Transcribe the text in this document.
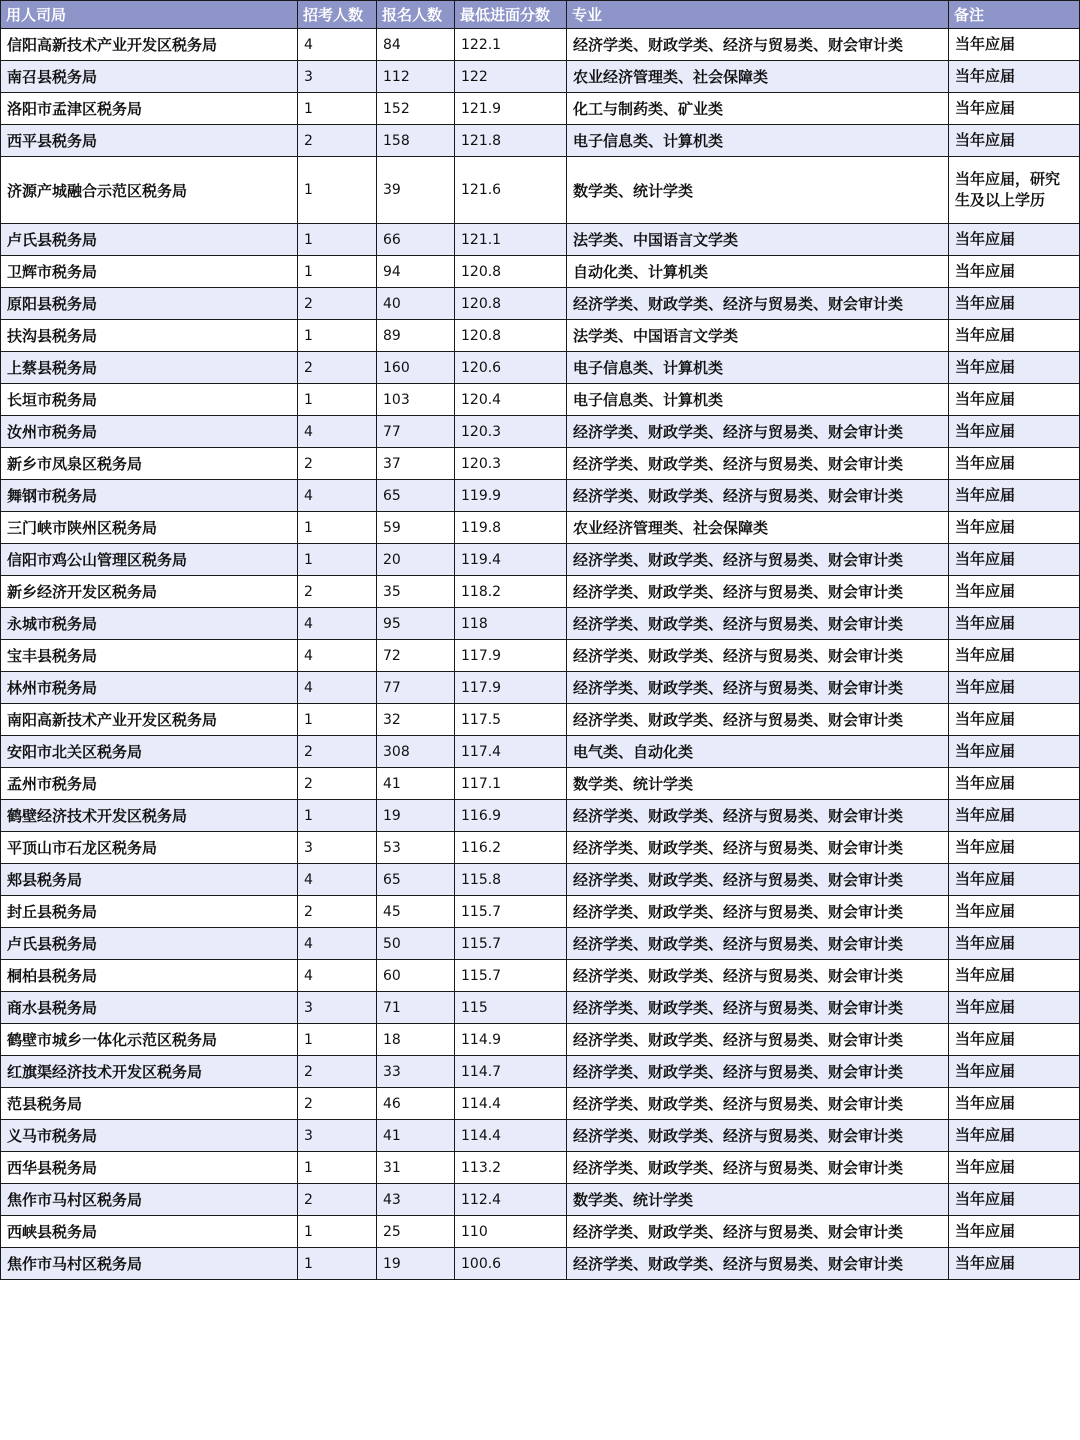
用人司局	招考人数	报名人数	最低进面分数	专业	备注
信阳高新技术产业开发区税务局	4	84	122.1	经济学类、财政学类、经济与贸易类、财会审计类	当年应届
南召县税务局	3	112	122	农业经济管理类、社会保障类	当年应届
洛阳市孟津区税务局	1	152	121.9	化工与制药类、矿业类	当年应届
西平县税务局	2	158	121.8	电子信息类、计算机类	当年应届
济源产城融合示范区税务局	1	39	121.6	数学类、统计学类	当年应届，研究生及以上学历
卢氏县税务局	1	66	121.1	法学类、中国语言文学类	当年应届
卫辉市税务局	1	94	120.8	自动化类、计算机类	当年应届
原阳县税务局	2	40	120.8	经济学类、财政学类、经济与贸易类、财会审计类	当年应届
扶沟县税务局	1	89	120.8	法学类、中国语言文学类	当年应届
上蔡县税务局	2	160	120.6	电子信息类、计算机类	当年应届
长垣市税务局	1	103	120.4	电子信息类、计算机类	当年应届
汝州市税务局	4	77	120.3	经济学类、财政学类、经济与贸易类、财会审计类	当年应届
新乡市凤泉区税务局	2	37	120.3	经济学类、财政学类、经济与贸易类、财会审计类	当年应届
舞钢市税务局	4	65	119.9	经济学类、财政学类、经济与贸易类、财会审计类	当年应届
三门峡市陕州区税务局	1	59	119.8	农业经济管理类、社会保障类	当年应届
信阳市鸡公山管理区税务局	1	20	119.4	经济学类、财政学类、经济与贸易类、财会审计类	当年应届
新乡经济开发区税务局	2	35	118.2	经济学类、财政学类、经济与贸易类、财会审计类	当年应届
永城市税务局	4	95	118	经济学类、财政学类、经济与贸易类、财会审计类	当年应届
宝丰县税务局	4	72	117.9	经济学类、财政学类、经济与贸易类、财会审计类	当年应届
林州市税务局	4	77	117.9	经济学类、财政学类、经济与贸易类、财会审计类	当年应届
南阳高新技术产业开发区税务局	1	32	117.5	经济学类、财政学类、经济与贸易类、财会审计类	当年应届
安阳市北关区税务局	2	308	117.4	电气类、自动化类	当年应届
孟州市税务局	2	41	117.1	数学类、统计学类	当年应届
鹤壁经济技术开发区税务局	1	19	116.9	经济学类、财政学类、经济与贸易类、财会审计类	当年应届
平顶山市石龙区税务局	3	53	116.2	经济学类、财政学类、经济与贸易类、财会审计类	当年应届
郏县税务局	4	65	115.8	经济学类、财政学类、经济与贸易类、财会审计类	当年应届
封丘县税务局	2	45	115.7	经济学类、财政学类、经济与贸易类、财会审计类	当年应届
卢氏县税务局	4	50	115.7	经济学类、财政学类、经济与贸易类、财会审计类	当年应届
桐柏县税务局	4	60	115.7	经济学类、财政学类、经济与贸易类、财会审计类	当年应届
商水县税务局	3	71	115	经济学类、财政学类、经济与贸易类、财会审计类	当年应届
鹤壁市城乡一体化示范区税务局	1	18	114.9	经济学类、财政学类、经济与贸易类、财会审计类	当年应届
红旗渠经济技术开发区税务局	2	33	114.7	经济学类、财政学类、经济与贸易类、财会审计类	当年应届
范县税务局	2	46	114.4	经济学类、财政学类、经济与贸易类、财会审计类	当年应届
义马市税务局	3	41	114.4	经济学类、财政学类、经济与贸易类、财会审计类	当年应届
西华县税务局	1	31	113.2	经济学类、财政学类、经济与贸易类、财会审计类	当年应届
焦作市马村区税务局	2	43	112.4	数学类、统计学类	当年应届
西峡县税务局	1	25	110	经济学类、财政学类、经济与贸易类、财会审计类	当年应届
焦作市马村区税务局	1	19	100.6	经济学类、财政学类、经济与贸易类、财会审计类	当年应届
